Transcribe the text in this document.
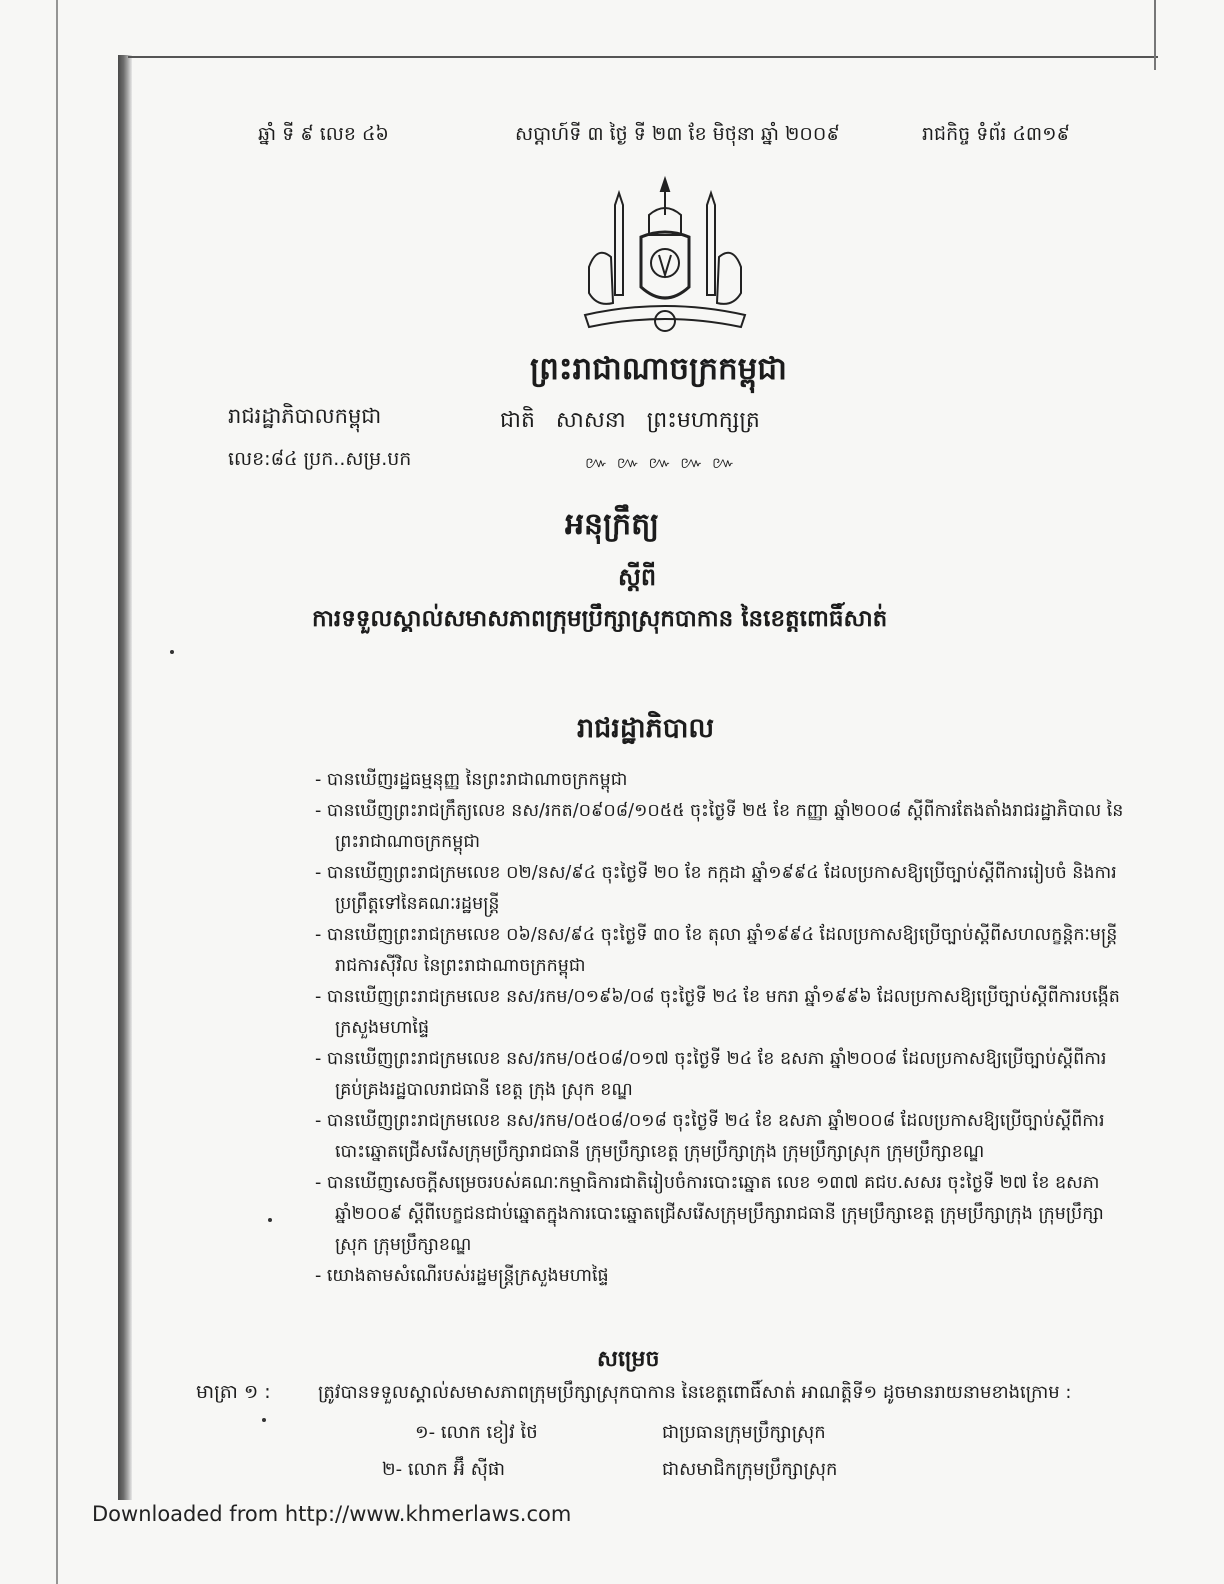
ឆ្នាំ ទី ៩ លេខ ៤៦	សប្ដាហ៍ទី ៣ ថ្ងៃ ទី ២៣ ខែ មិថុនា ឆ្នាំ ២០០៩	រាជកិច្ច ទំព័រ ៤៣១៩
ព្រះរាជាណាចក្រកម្ពុជា
រាជរដ្ឋាភិបាលកម្ពុជា	ជាតិ សាសនា ព្រះមហាក្សត្រ
លេខ:៨៤ ប្រក..សម្រ.បក	៚ ៚ ៚ ៚ ៚
អនុក្រឹត្យ
ស្ដីពី
ការទទួលស្គាល់សមាសភាពក្រុមប្រឹក្សាស្រុកបាកាន នៃខេត្តពោធិ៍សាត់
រាជរដ្ឋាភិបាល
- បានឃើញរដ្ឋធម្មនុញ្ញ នៃព្រះរាជាណាចក្រកម្ពុជា
- បានឃើញព្រះរាជក្រឹត្យលេខ នស/រកត/០៩០៨/១០៥៥ ចុះថ្ងៃទី ២៥ ខែ កញ្ញា ឆ្នាំ២០០៨ ស្ដីពីការតែងតាំងរាជរដ្ឋាភិបាល នៃព្រះរាជាណាចក្រកម្ពុជា
- បានឃើញព្រះរាជក្រមលេខ ០២/នស/៩៤ ចុះថ្ងៃទី ២០ ខែ កក្កដា ឆ្នាំ១៩៩៤ ដែលប្រកាសឱ្យប្រើច្បាប់ស្ដីពីការរៀបចំ និងការប្រព្រឹត្តទៅនៃគណៈរដ្ឋមន្ត្រី
- បានឃើញព្រះរាជក្រមលេខ ០៦/នស/៩៤ ចុះថ្ងៃទី ៣០ ខែ តុលា ឆ្នាំ១៩៩៤ ដែលប្រកាសឱ្យប្រើច្បាប់ស្ដីពីសហលក្ខន្តិកៈមន្ត្រីរាជការស៊ីវិល នៃព្រះរាជាណាចក្រកម្ពុជា
- បានឃើញព្រះរាជក្រមលេខ នស/រកម/០១៩៦/០៨ ចុះថ្ងៃទី ២៤ ខែ មករា ឆ្នាំ១៩៩៦ ដែលប្រកាសឱ្យប្រើច្បាប់ស្ដីពីការបង្កើតក្រសួងមហាផ្ទៃ
- បានឃើញព្រះរាជក្រមលេខ នស/រកម/០៥០៨/០១៧ ចុះថ្ងៃទី ២៤ ខែ ឧសភា ឆ្នាំ២០០៨ ដែលប្រកាសឱ្យប្រើច្បាប់ស្ដីពីការគ្រប់គ្រងរដ្ឋបាលរាជធានី ខេត្ត ក្រុង ស្រុក ខណ្ឌ
- បានឃើញព្រះរាជក្រមលេខ នស/រកម/០៥០៨/០១៨ ចុះថ្ងៃទី ២៤ ខែ ឧសភា ឆ្នាំ២០០៨ ដែលប្រកាសឱ្យប្រើច្បាប់ស្ដីពីការបោះឆ្នោតជ្រើសរើសក្រុមប្រឹក្សារាជធានី ក្រុមប្រឹក្សាខេត្ត ក្រុមប្រឹក្សាក្រុង ក្រុមប្រឹក្សាស្រុក ក្រុមប្រឹក្សាខណ្ឌ
- បានឃើញសេចក្ដីសម្រេចរបស់គណៈកម្មាធិការជាតិរៀបចំការបោះឆ្នោត លេខ ១៣៧ គជប.សសរ ចុះថ្ងៃទី ២៧ ខែ ឧសភា ឆ្នាំ២០០៩ ស្ដីពីបេក្ខជនជាប់ឆ្នោតក្នុងការបោះឆ្នោតជ្រើសរើសក្រុមប្រឹក្សារាជធានី ក្រុមប្រឹក្សាខេត្ត ក្រុមប្រឹក្សាក្រុង ក្រុមប្រឹក្សាស្រុក ក្រុមប្រឹក្សាខណ្ឌ
- យោងតាមសំណើរបស់រដ្ឋមន្ត្រីក្រសួងមហាផ្ទៃ
សម្រេច
មាត្រា ១ :	ត្រូវបានទទួលស្គាល់សមាសភាពក្រុមប្រឹក្សាស្រុកបាកាន នៃខេត្តពោធិ៍សាត់ អាណត្តិទី១ ដូចមានរាយនាមខាងក្រោម :
១- លោក ខៀវ ថៃ	ជាប្រធានក្រុមប្រឹក្សាស្រុក
២- លោក អ៊ឹ ស៊ីផា	ជាសមាជិកក្រុមប្រឹក្សាស្រុក
Downloaded from http://www.khmerlaws.com
